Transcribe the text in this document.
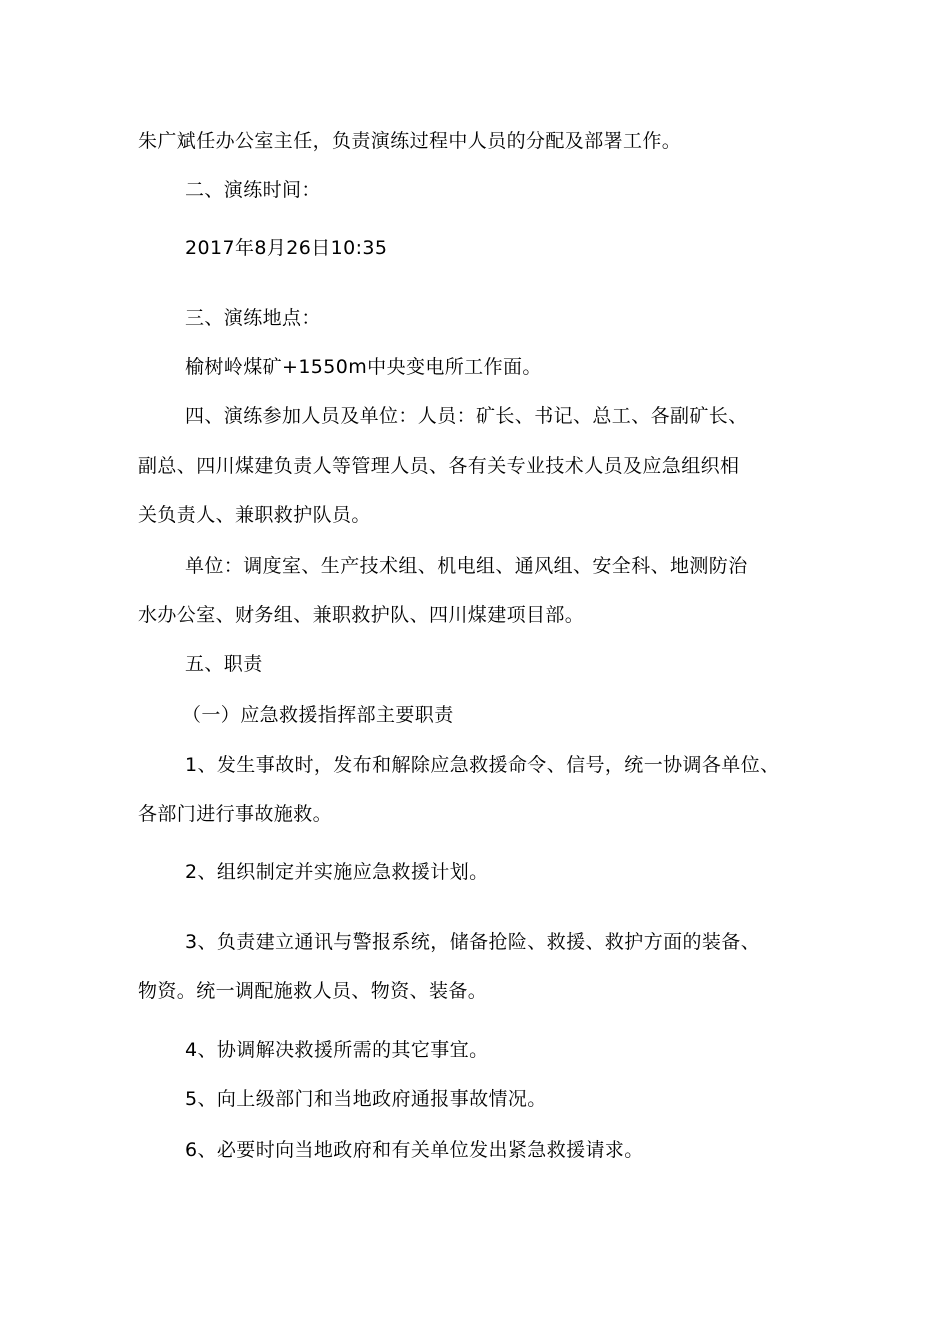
朱广斌任办公室主任，负责演练过程中人员的分配及部署工作。
二、演练时间：
2017年8月26日10:35
三、演练地点：
榆树岭煤矿+1550m中央变电所工作面。
四、演练参加人员及单位：人员：矿长、书记、总工、各副矿长、
副总、四川煤建负责人等管理人员、各有关专业技术人员及应急组织相
关负责人、兼职救护队员。
单位：调度室、生产技术组、机电组、通风组、安全科、地测防治
水办公室、财务组、兼职救护队、四川煤建项目部。
五、职责
（一）应急救援指挥部主要职责
1、发生事故时，发布和解除应急救援命令、信号，统一协调各单位、
各部门进行事故施救。
2、组织制定并实施应急救援计划。
3、负责建立通讯与警报系统，储备抢险、救援、救护方面的装备、
物资。统一调配施救人员、物资、装备。
4、协调解决救援所需的其它事宜。
5、向上级部门和当地政府通报事故情况。
6、必要时向当地政府和有关单位发出紧急救援请求。
